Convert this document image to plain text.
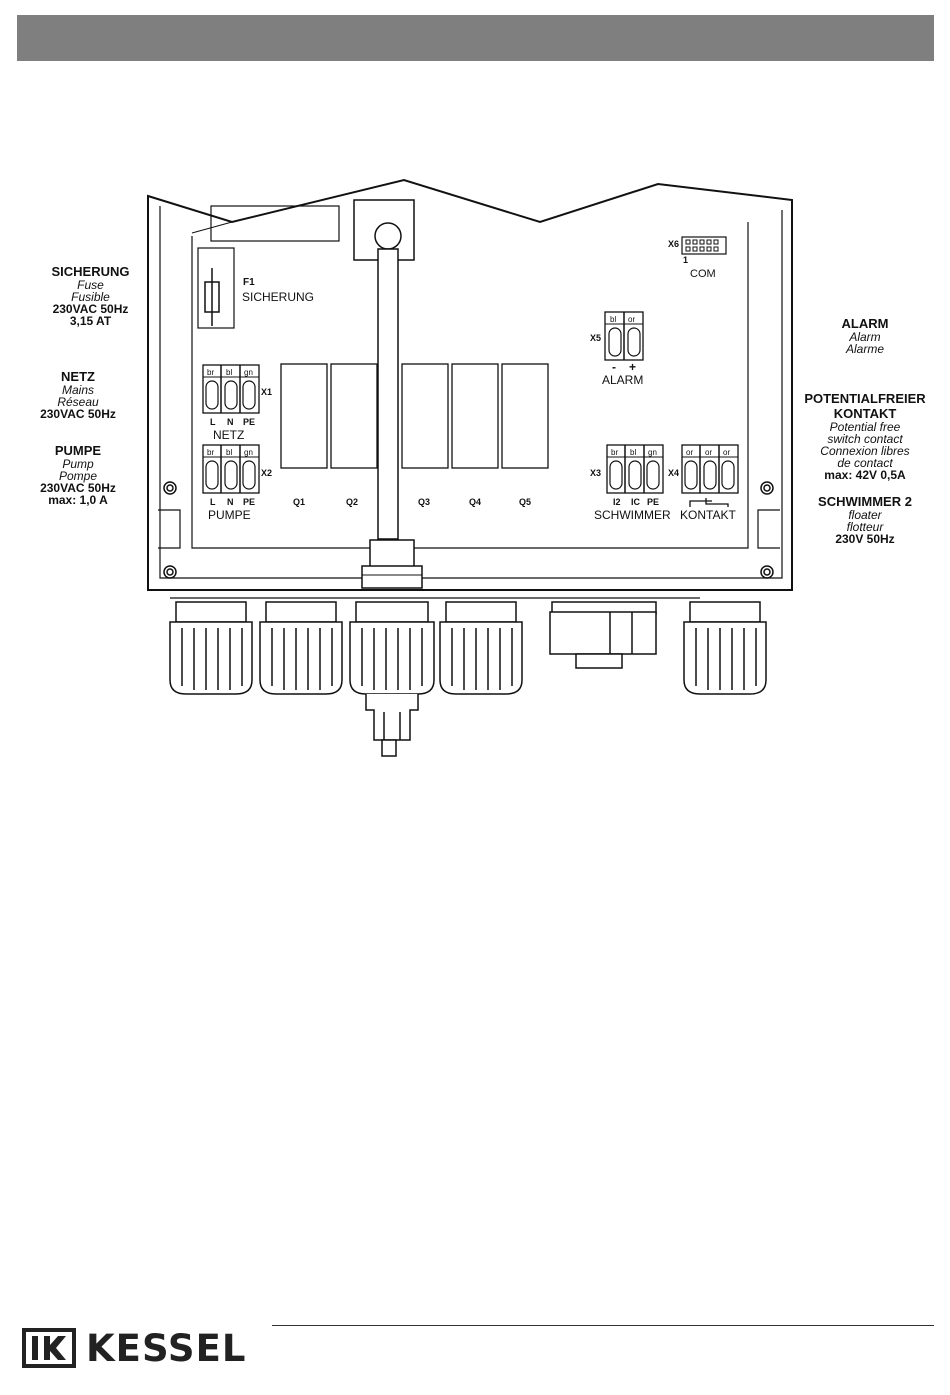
SICHERUNG
Fuse
Fusible
230VAC 50Hz
3,15 AT
NETZ
Mains
Réseau
230VAC 50Hz
PUMPE
Pump
Pompe
230VAC 50Hz
max: 1,0 A
ALARM
Alarm
Alarme
POTENTIALFREIER KONTAKT
Potential free
switch contact
Connexion libres
de contact
max: 42V 0,5A
SCHWIMMER 2
floater
flotteur
230V 50Hz
F1
SICHERUNG
X6
1
COM
X5
bl or
- +
ALARM
br bl gn
X1
L N PE
NETZ
br bl gn
X2
L N PE
PUMPE
Q1	Q2	Q3	Q4	Q5
X3
br bl gn
I2 IC PE
SCHWIMMER
X4
or or or
KONTAKT
KESSEL
